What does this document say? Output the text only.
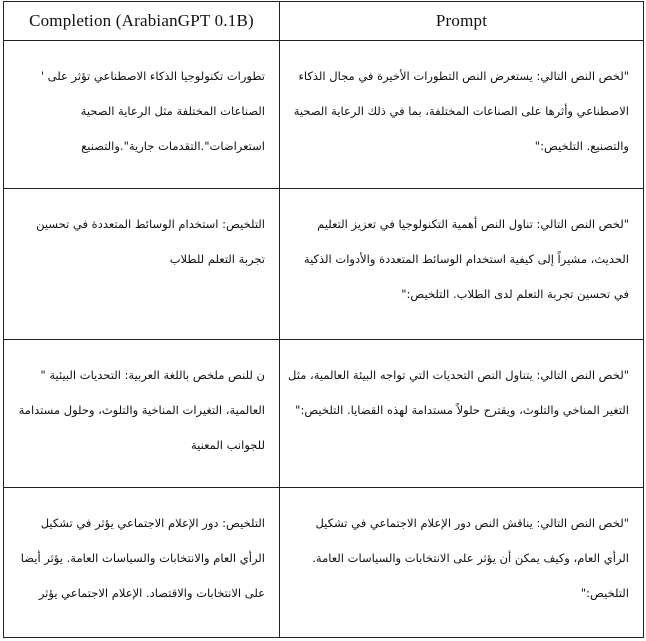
Completion (ArabianGPT 0.1B)	Prompt
تطورات تكنولوجيا الذكاء الاصطناعي تؤثر على ' الصناعات المختلفة مثل الرعاية الصحية استعراضات".التقدمات جارية".والتصنيع	"لخص النص التالي: يستعرض النص التطورات الأخيرة في مجال الذكاء الاصطناعي وأثرها على الصناعات المختلفة، بما في ذلك الرعاية الصحية والتصنيع. التلخيص:"
التلخيص: استخدام الوسائط المتعددة في تحسين تجربة التعلم للطلاب	"لخص النص التالي: تناول النص أهمية التكنولوجيا في تعزيز التعليم الحديث، مشيراً إلى كيفية استخدام الوسائط المتعددة والأدوات الذكية في تحسين تجربة التعلم لدى الطلاب. التلخيص:"
ن للنص ملخص باللغة العربية: التحديات البيئية " العالمية، التغيرات المناخية والتلوث، وحلول مستدامة للجوانب المعنية	"لخص النص التالي: يتناول النص التحديات التي تواجه البيئة العالمية، مثل التغير المناخي والتلوث، ويقترح حلولاً مستدامة لهذه القضايا. التلخيص:"
التلخيص: دور الإعلام الاجتماعي يؤثر في تشكيل الرأي العام والانتخابات والسياسات العامة. يؤثر أيضا على الانتخابات والاقتصاد. الإعلام الاجتماعي يؤثر	"لخص النص التالي: يناقش النص دور الإعلام الاجتماعي في تشكيل الرأي العام، وكيف يمكن أن يؤثر على الانتخابات والسياسات العامة. التلخيص:"
